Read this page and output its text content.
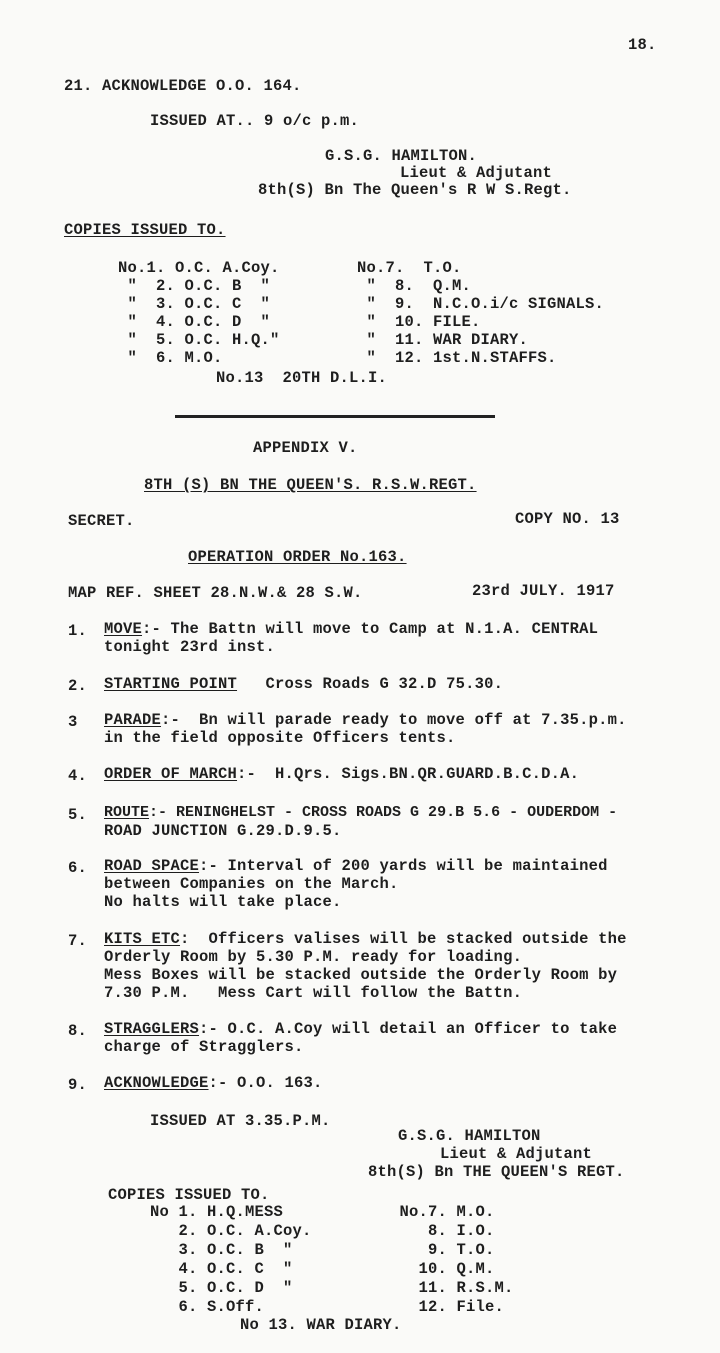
18.
21. ACKNOWLEDGE O.O. 164.
ISSUED AT.. 9 o/c p.m.
G.S.G. HAMILTON.
Lieut & Adjutant
8th(S) Bn The Queen's R W S.Regt.
COPIES ISSUED TO.
No.1. O.C. A.Coy.
"  2. O.C. B  "
"  3. O.C. C  "
"  4. O.C. D  "
"  5. O.C. H.Q."
"  6. M.O.
No.7.  T.O.
"  8.  Q.M.
"  9.  N.C.O.i/c SIGNALS.
"  10. FILE.
"  11. WAR DIARY.
"  12. 1st.N.STAFFS.
No.13  20TH D.L.I.
APPENDIX V.
8TH (S) BN THE QUEEN'S. R.S.W.REGT.
SECRET.	COPY NO. 13
OPERATION ORDER No.163.
MAP REF. SHEET 28.N.W.& 28 S.W.	23rd JULY. 1917
1. MOVE:- The Battn will move to Camp at N.1.A. CENTRAL
tonight 23rd inst.
2. STARTING POINT   Cross Roads G 32.D 75.30.
3 PARADE:-  Bn will parade ready to move off at 7.35.p.m.
in the field opposite Officers tents.
4. ORDER OF MARCH:-  H.Qrs. Sigs.BN.QR.GUARD.B.C.D.A.
5. ROUTE:- RENINGHELST - CROSS ROADS G 29.B 5.6 - OUDERDOM -
ROAD JUNCTION G.29.D.9.5.
6. ROAD SPACE:- Interval of 200 yards will be maintained
between Companies on the March.
No halts will take place.
7. KITS ETC:  Officers valises will be stacked outside the
Orderly Room by 5.30 P.M. ready for loading.
Mess Boxes will be stacked outside the Orderly Room by
7.30 P.M.   Mess Cart will follow the Battn.
8. STRAGGLERS:- O.C. A.Coy will detail an Officer to take
charge of Stragglers.
9. ACKNOWLEDGE:- O.O. 163.
ISSUED AT 3.35.P.M.
G.S.G. HAMILTON
Lieut & Adjutant
8th(S) Bn THE QUEEN'S REGT.
COPIES ISSUED TO.
No 1. H.Q.MESS
2. O.C. A.Coy.
3. O.C. B  "
4. O.C. C  "
5. O.C. D  "
6. S.Off.
No.7. M.O.
8. I.O.
9. T.O.
10. Q.M.
11. R.S.M.
12. File.
No 13. WAR DIARY.
